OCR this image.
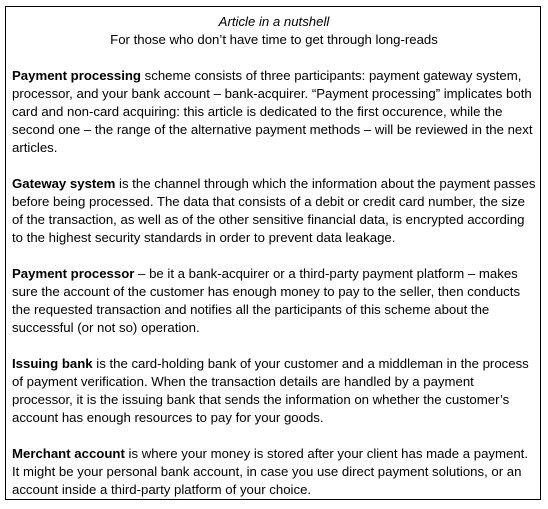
Article in a nutshell
For those who don’t have time to get through long-reads

Payment processing scheme consists of three participants: payment gateway system, processor, and your bank account – bank-acquirer. “Payment processing” implicates both card and non-card acquiring: this article is dedicated to the first occurence, while the second one – the range of the alternative payment methods – will be reviewed in the next articles.

Gateway system is the channel through which the information about the payment passes before being processed. The data that consists of a debit or credit card number, the size of the transaction, as well as of the other sensitive financial data, is encrypted according to the highest security standards in order to prevent data leakage.

Payment processor – be it a bank-acquirer or a third-party payment platform – makes sure the account of the customer has enough money to pay to the seller, then conducts the requested transaction and notifies all the participants of this scheme about the successful (or not so) operation.

Issuing bank is the card-holding bank of your customer and a middleman in the process of payment verification. When the transaction details are handled by a payment processor, it is the issuing bank that sends the information on whether the customer’s account has enough resources to pay for your goods.

Merchant account is where your money is stored after your client has made a payment. It might be your personal bank account, in case you use direct payment solutions, or an account inside a third-party platform of your choice.
